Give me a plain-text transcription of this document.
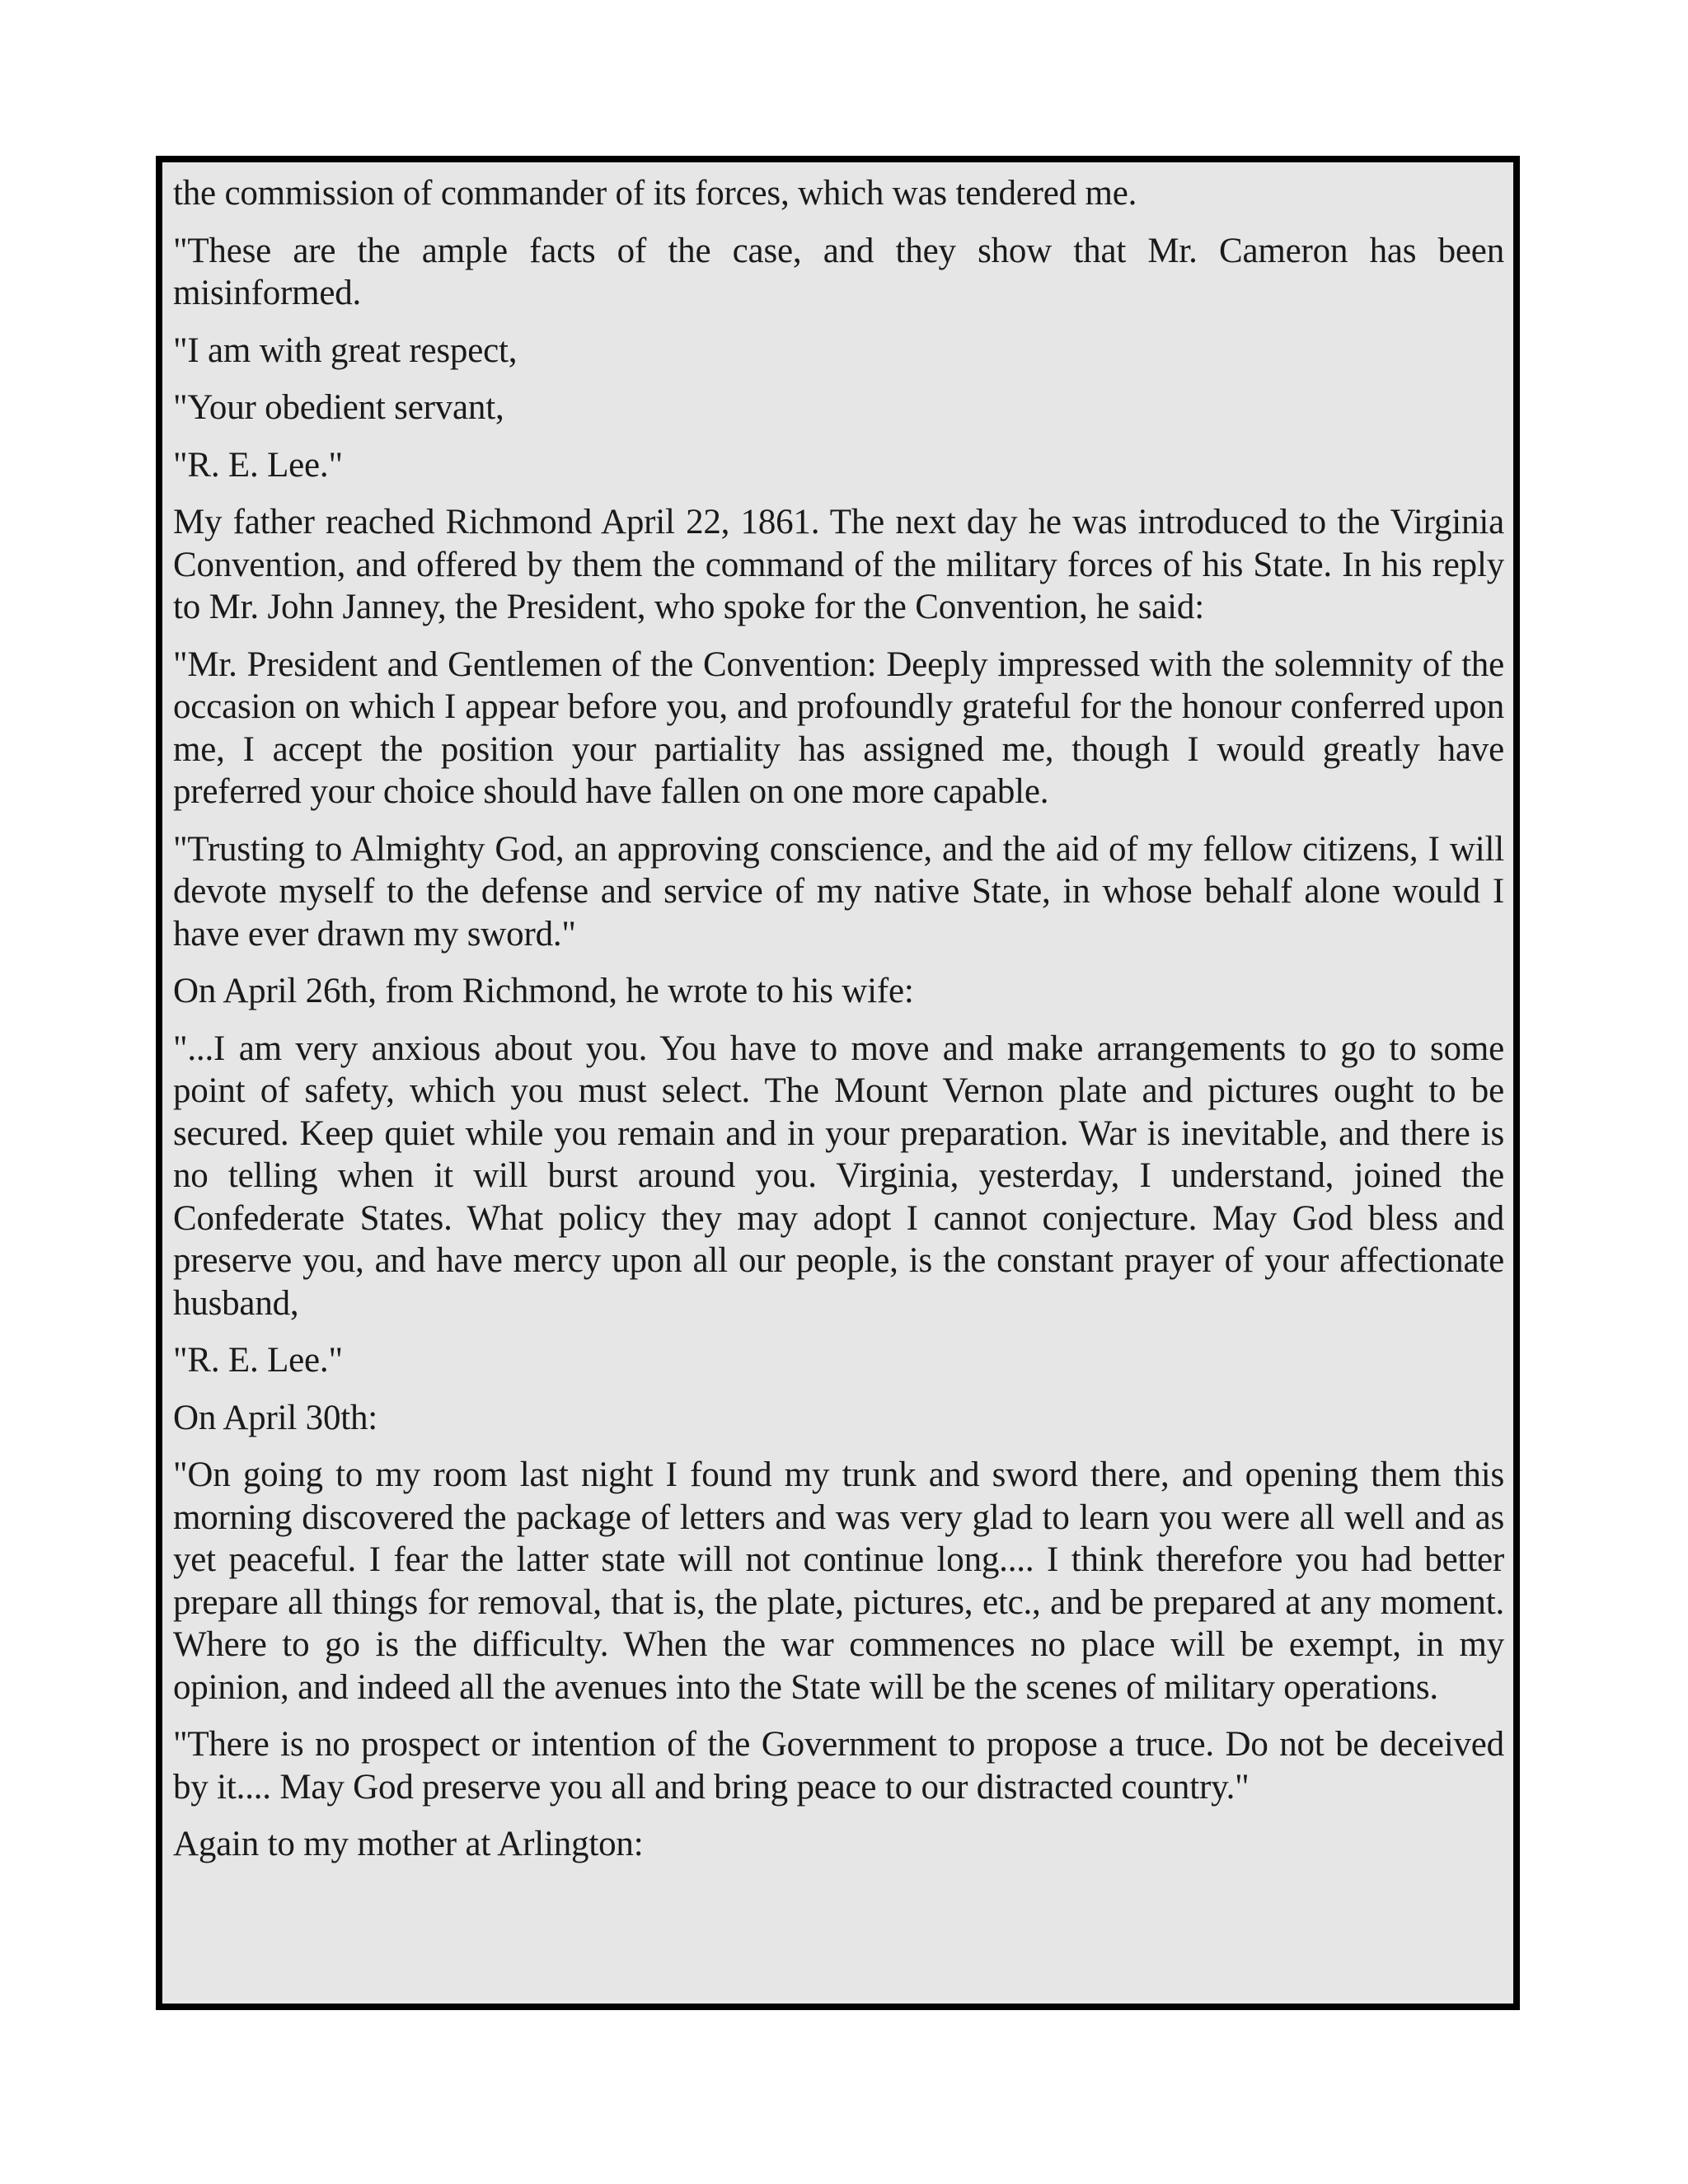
the commission of commander of its forces, which was tendered me.

"These are the ample facts of the case, and they show that Mr. Cameron has been misinformed.

"I am with great respect,

"Your obedient servant,

"R. E. Lee."

My father reached Richmond April 22, 1861. The next day he was introduced to the Virginia Convention, and offered by them the command of the military forces of his State. In his reply to Mr. John Janney, the President, who spoke for the Convention, he said:

"Mr. President and Gentlemen of the Convention: Deeply impressed with the solemnity of the occasion on which I appear before you, and profoundly grateful for the honour conferred upon me, I accept the position your partiality has assigned me, though I would greatly have preferred your choice should have fallen on one more capable.

"Trusting to Almighty God, an approving conscience, and the aid of my fellow citizens, I will devote myself to the defense and service of my native State, in whose behalf alone would I have ever drawn my sword."

On April 26th, from Richmond, he wrote to his wife:

"...I am very anxious about you. You have to move and make arrangements to go to some point of safety, which you must select. The Mount Vernon plate and pictures ought to be secured. Keep quiet while you remain and in your preparation. War is inevitable, and there is no telling when it will burst around you. Virginia, yesterday, I understand, joined the Confederate States. What policy they may adopt I cannot conjecture. May God bless and preserve you, and have mercy upon all our people, is the constant prayer of your affectionate husband,

"R. E. Lee."

On April 30th:

"On going to my room last night I found my trunk and sword there, and opening them this morning discovered the package of letters and was very glad to learn you were all well and as yet peaceful. I fear the latter state will not continue long.... I think therefore you had better prepare all things for removal, that is, the plate, pictures, etc., and be prepared at any moment. Where to go is the difficulty. When the war commences no place will be exempt, in my opinion, and indeed all the avenues into the State will be the scenes of military operations.

"There is no prospect or intention of the Government to propose a truce. Do not be deceived by it.... May God preserve you all and bring peace to our distracted country."

Again to my mother at Arlington:
